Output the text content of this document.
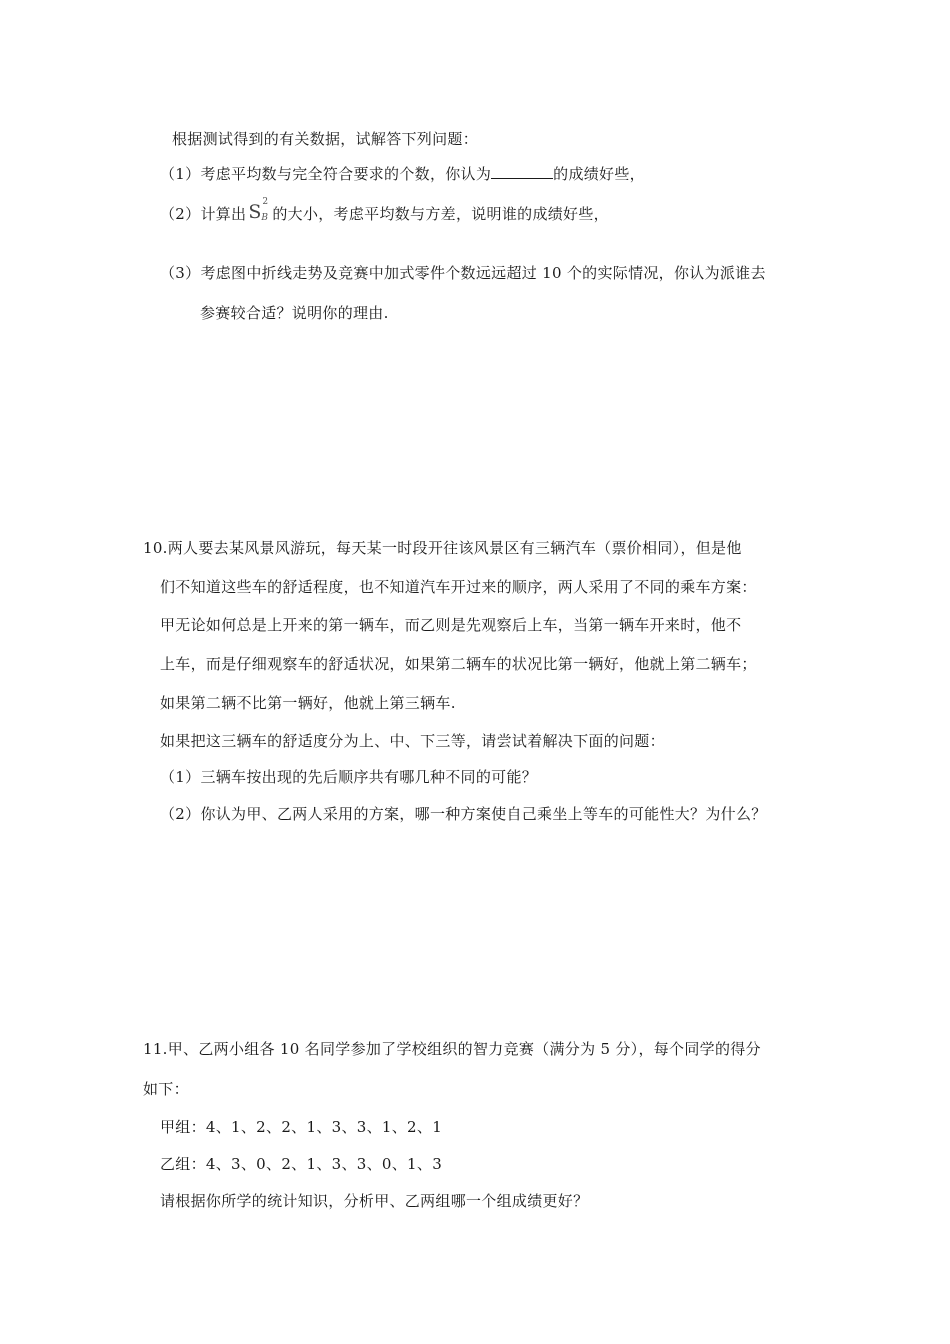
根据测试得到的有关数据，试解答下列问题：
（1）考虑平均数与完全符合要求的个数，你认为	的成绩好些，
（2）计算出 S 2
B 的大小，考虑平均数与方差，说明谁的成绩好些，
（3）考虑图中折线走势及竞赛中加式零件个数远远超过 10 个的实际情况，你认为派谁去
参赛较合适？说明你的理由.
10.两人要去某风景风游玩，每天某一时段开往该风景区有三辆汽车（票价相同），但是他
们不知道这些车的舒适程度，也不知道汽车开过来的顺序，两人采用了不同的乘车方案：
甲无论如何总是上开来的第一辆车，而乙则是先观察后上车，当第一辆车开来时，他不
上车，而是仔细观察车的舒适状况，如果第二辆车的状况比第一辆好，他就上第二辆车；
如果第二辆不比第一辆好，他就上第三辆车.
如果把这三辆车的舒适度分为上、中、下三等，请尝试着解决下面的问题：
（1）三辆车按出现的先后顺序共有哪几种不同的可能？
（2）你认为甲、乙两人采用的方案，哪一种方案使自己乘坐上等车的可能性大？为什么？
11.甲、乙两小组各 10 名同学参加了学校组织的智力竞赛（满分为 5 分），每个同学的得分
如下：
甲组：4、1、2、2、1、3、3、1、2、1
乙组：4、3、0、2、1、3、3、0、1、3
请根据你所学的统计知识，分析甲、乙两组哪一个组成绩更好？
